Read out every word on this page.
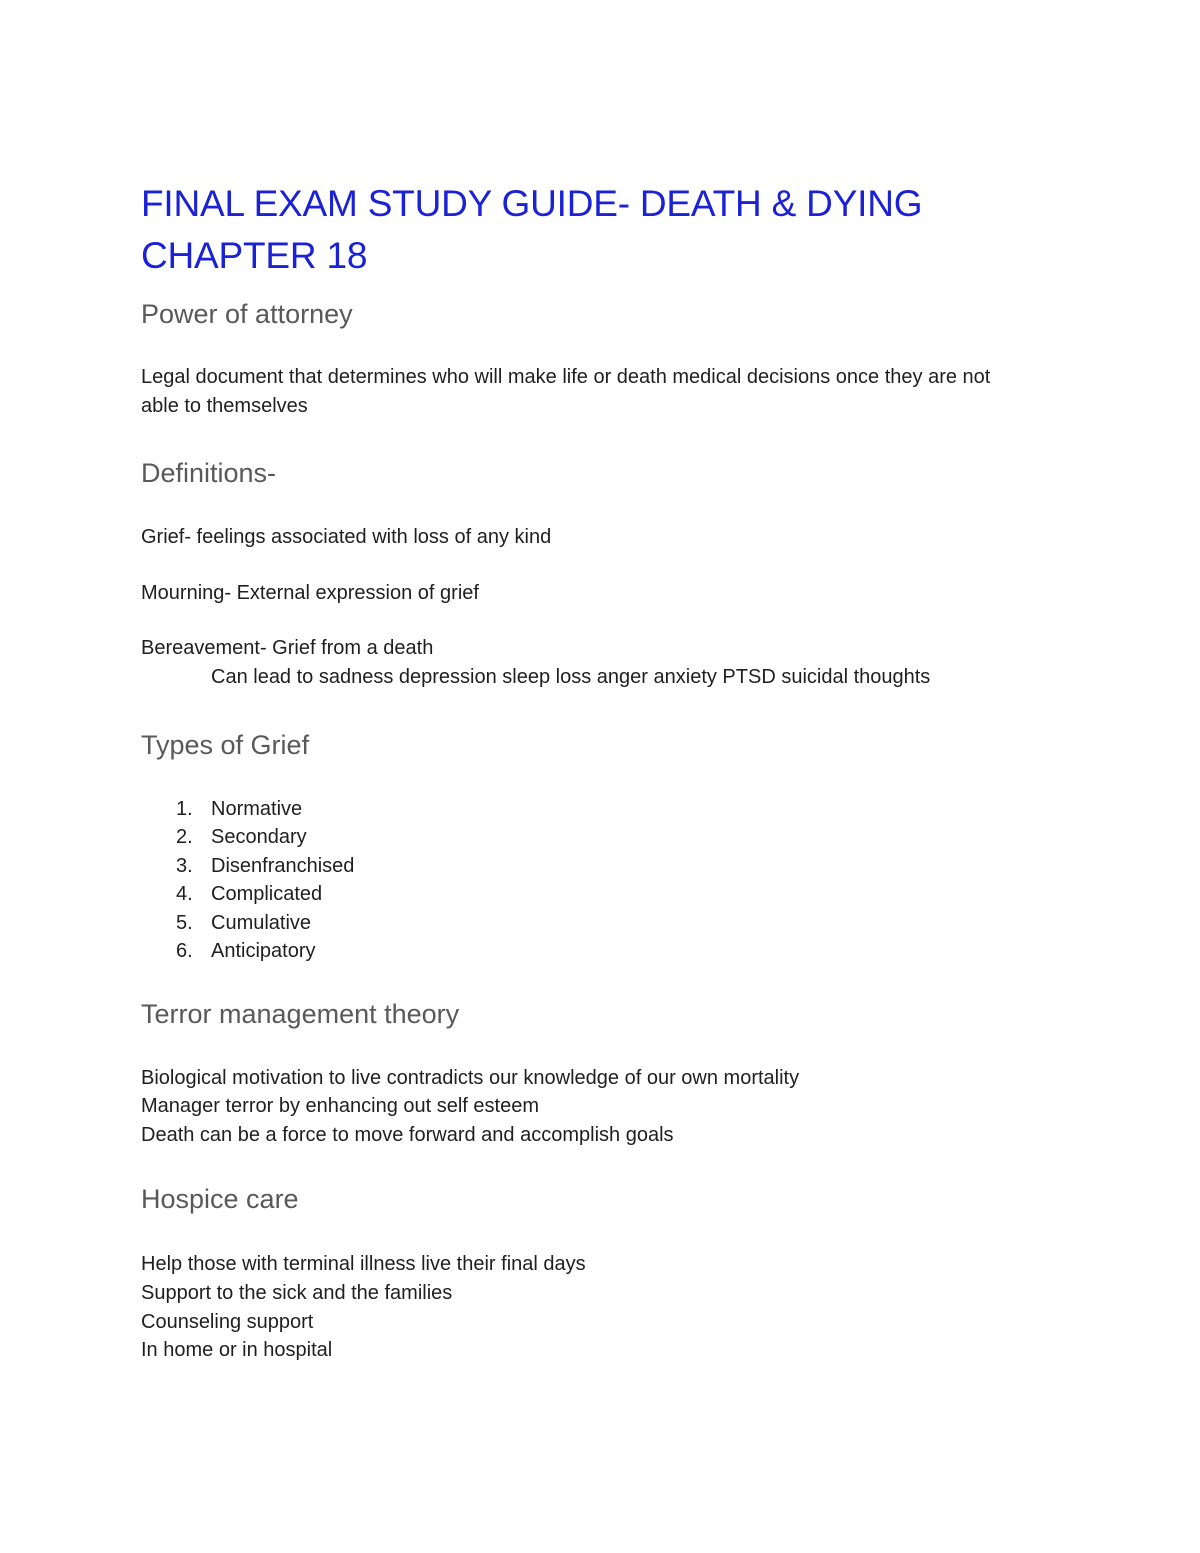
FINAL EXAM STUDY GUIDE- DEATH & DYING
CHAPTER 18
Power of attorney
Legal document that determines who will make life or death medical decisions once they are not
able to themselves
Definitions-
Grief- feelings associated with loss of any kind
Mourning- External expression of grief
Bereavement- Grief from a death
Can lead to sadness depression sleep loss anger anxiety PTSD suicidal thoughts
Types of Grief
1. Normative
2. Secondary
3. Disenfranchised
4. Complicated
5. Cumulative
6. Anticipatory
Terror management theory
Biological motivation to live contradicts our knowledge of our own mortality
Manager terror by enhancing out self esteem
Death can be a force to move forward and accomplish goals
Hospice care
Help those with terminal illness live their final days
Support to the sick and the families
Counseling support
In home or in hospital
